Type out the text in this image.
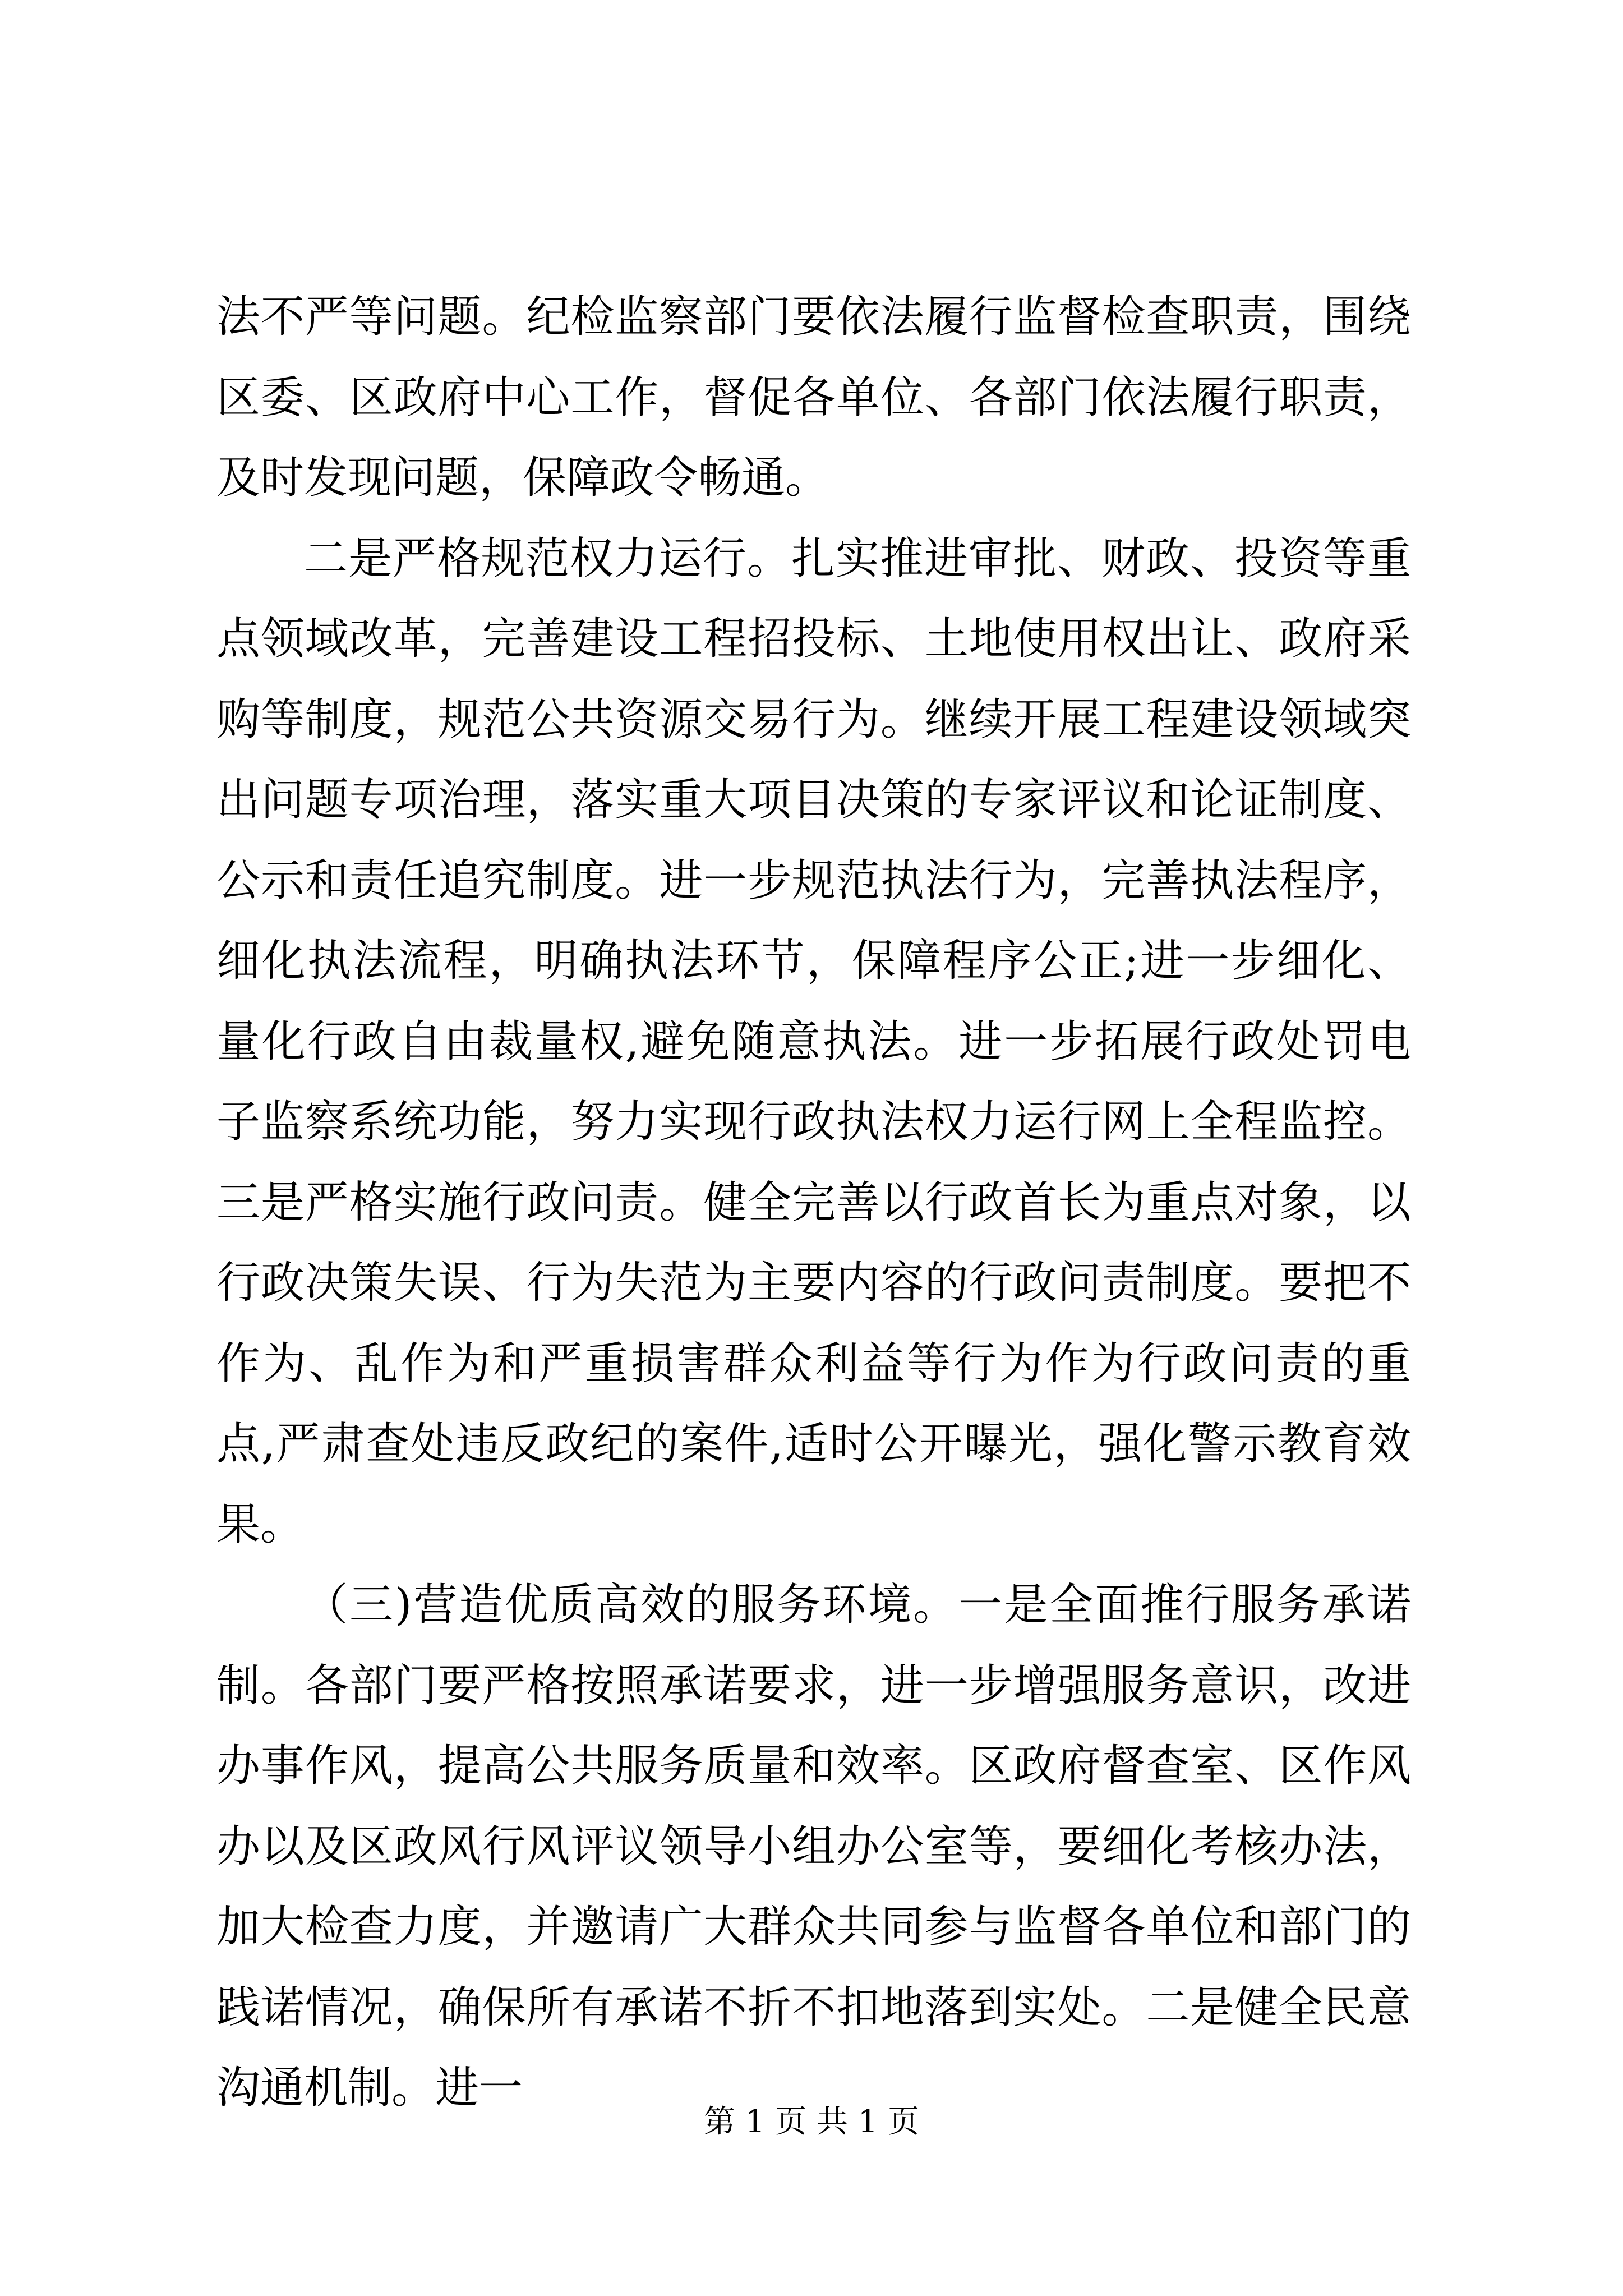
法不严等问题。纪检监察部门要依法履行监督检查职责，围绕区委、区政府中心工作，督促各单位、各部门依法履行职责，及时发现问题，保障政令畅通。

二是严格规范权力运行。扎实推进审批、财政、投资等重点领域改革，完善建设工程招投标、土地使用权出让、政府采购等制度，规范公共资源交易行为。继续开展工程建设领域突出问题专项治理，落实重大项目决策的专家评议和论证制度、公示和责任追究制度。进一步规范执法行为，完善执法程序，细化执法流程，明确执法环节，保障程序公正;进一步细化、量化行政自由裁量权,避免随意执法。进一步拓展行政处罚电子监察系统功能，努力实现行政执法权力运行网上全程监控。三是严格实施行政问责。健全完善以行政首长为重点对象，以行政决策失误、行为失范为主要内容的行政问责制度。要把不作为、乱作为和严重损害群众利益等行为作为行政问责的重点,严肃查处违反政纪的案件,适时公开曝光，强化警示教育效果。

（三)营造优质高效的服务环境。一是全面推行服务承诺制。各部门要严格按照承诺要求，进一步增强服务意识，改进办事作风，提高公共服务质量和效率。区政府督查室、区作风办以及区政风行风评议领导小组办公室等，要细化考核办法，加大检查力度，并邀请广大群众共同参与监督各单位和部门的践诺情况，确保所有承诺不折不扣地落到实处。二是健全民意沟通机制。进一

第 1 页 共 1 页
